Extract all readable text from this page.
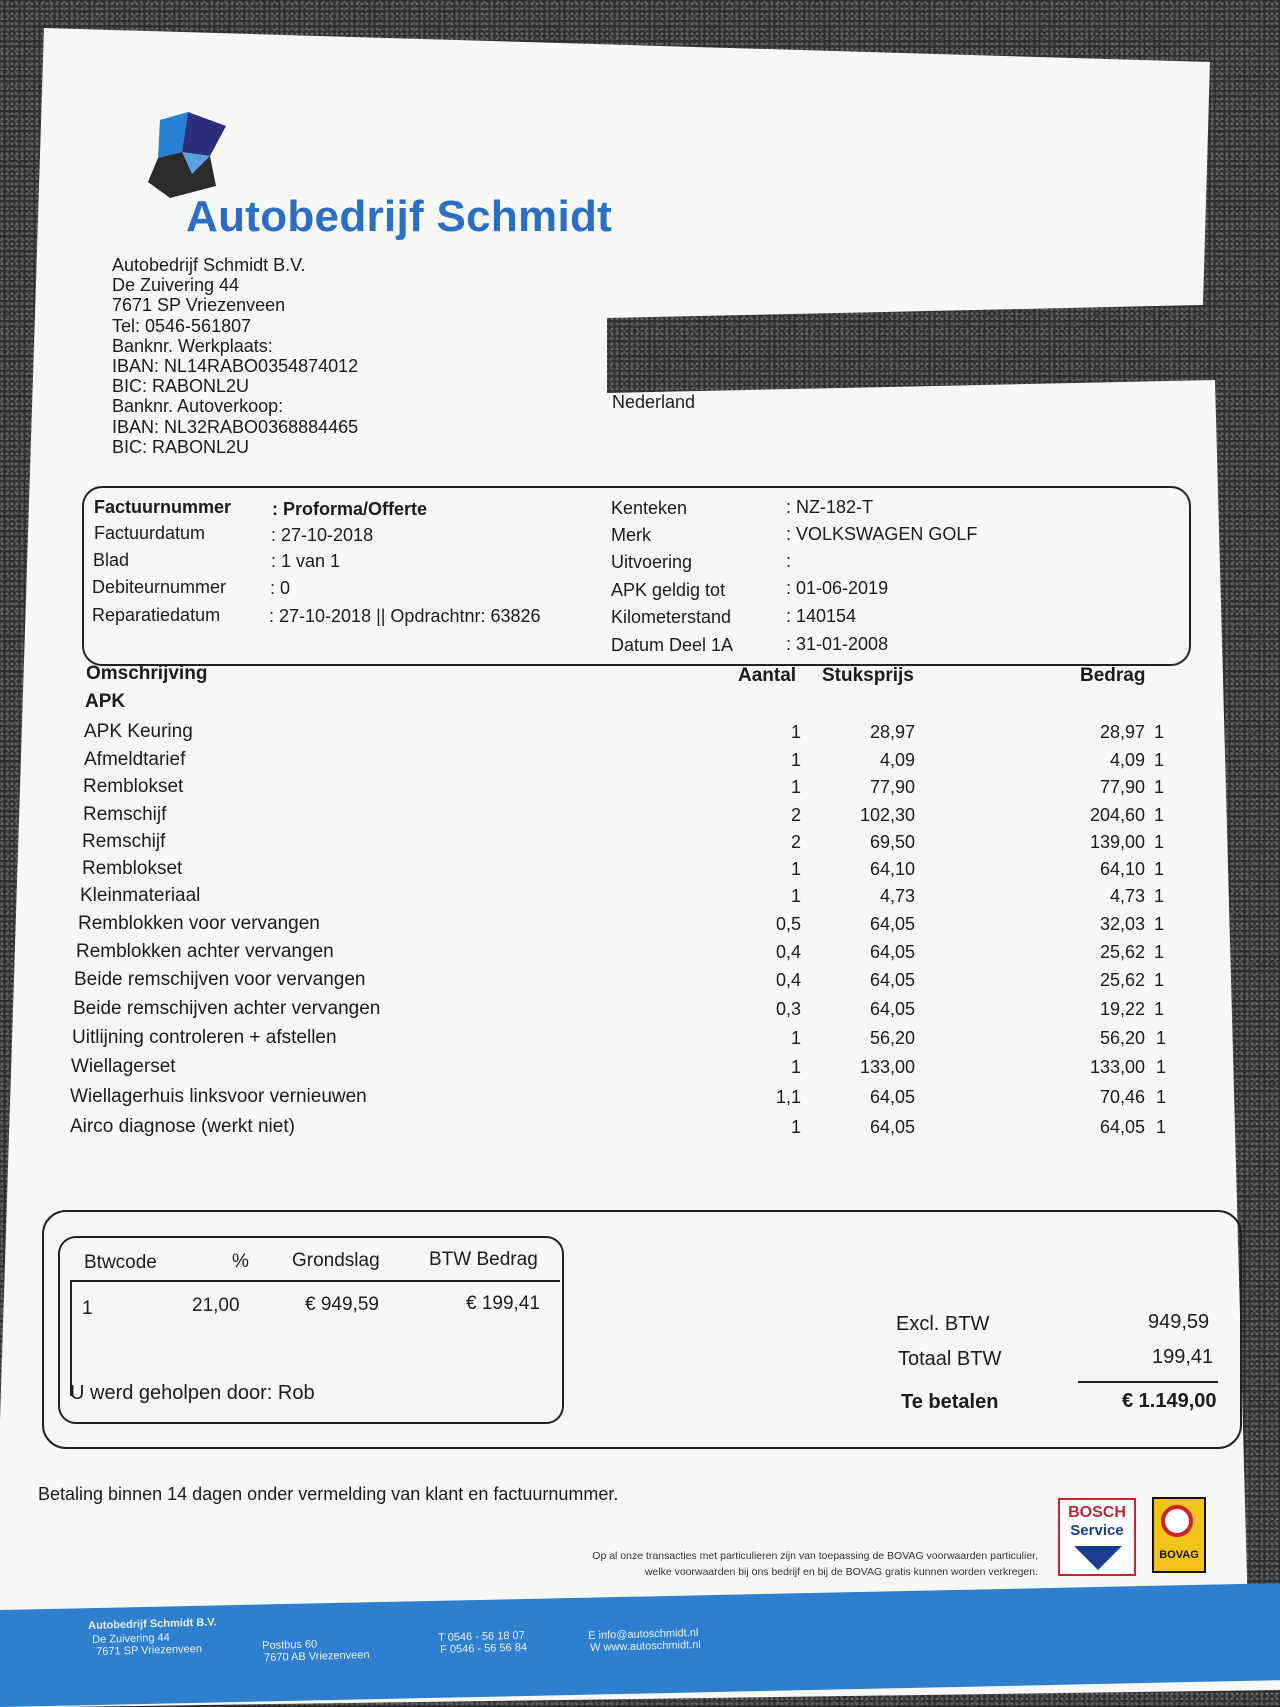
Autobedrijf Schmidt
Autobedrijf Schmidt B.V.
De Zuivering 44
7671 SP Vriezenveen
Tel: 0546-561807
Banknr. Werkplaats:
IBAN: NL14RABO0354874012
BIC: RABONL2U
Banknr. Autoverkoop:
IBAN: NL32RABO0368884465
BIC: RABONL2U
Nederland
Factuurnummer : Proforma/Offerte
Factuurdatum	: 27-10-2018
Blad	: 1 van 1
Debiteurnummer : 0
Reparatiedatum	: 27-10-2018 || Opdrachtnr: 63826
Kenteken	: NZ-182-T
Merk	: VOLKSWAGEN GOLF
Uitvoering	:
APK geldig tot	: 01-06-2019
Kilometerstand	: 140154
Datum Deel 1A	: 31-01-2008
Omschrijving	Aantal Stuksprijs	Bedrag
APK
APK Keuring	1	28,97	28,97 1
Afmeldtarief	1	4,09	4,09 1
Remblokset	1	77,90	77,90 1
Remschijf	2	102,30	204,60 1
Remschijf	2	69,50	139,00 1
Remblokset	1	64,10	64,10 1
Kleinmateriaal	1	4,73	4,73 1
Remblokken voor vervangen	0,5	64,05	32,03 1
Remblokken achter vervangen	0,4	64,05	25,62 1
Beide remschijven voor vervangen	0,4	64,05	25,62 1
Beide remschijven achter vervangen	0,3	64,05	19,22 1
Uitlijning controleren + afstellen	1	56,20	56,20 1
Wiellagerset	1	133,00	133,00 1
Wiellagerhuis linksvoor vernieuwen	1,1	64,05	70,46 1
Airco diagnose (werkt niet)	1	64,05	64,05 1
Btwcode	% Grondslag	BTW Bedrag
1	21,00	€ 949,59	€ 199,41
U werd geholpen door: Rob
Excl. BTW	949,59
Totaal BTW	199,41
Te betalen	€ 1.149,00
Betaling binnen 14 dagen onder vermelding van klant en factuurnummer.
Op al onze transacties met particulieren zijn van toepassing de BOVAG voorwaarden particulier,
welke voorwaarden bij ons bedrijf en bij de BOVAG gratis kunnen worden verkregen.
BOSCH
Service
BOVAG
Autobedrijf Schmidt B.V.
De Zuivering 44
7671 SP Vriezenveen	Postbus 60
7670 AB Vriezenveen
T 0546 - 56 18 07
F 0546 - 56 56 84
E info@autoschmidt.nl
W www.autoschmidt.nl
